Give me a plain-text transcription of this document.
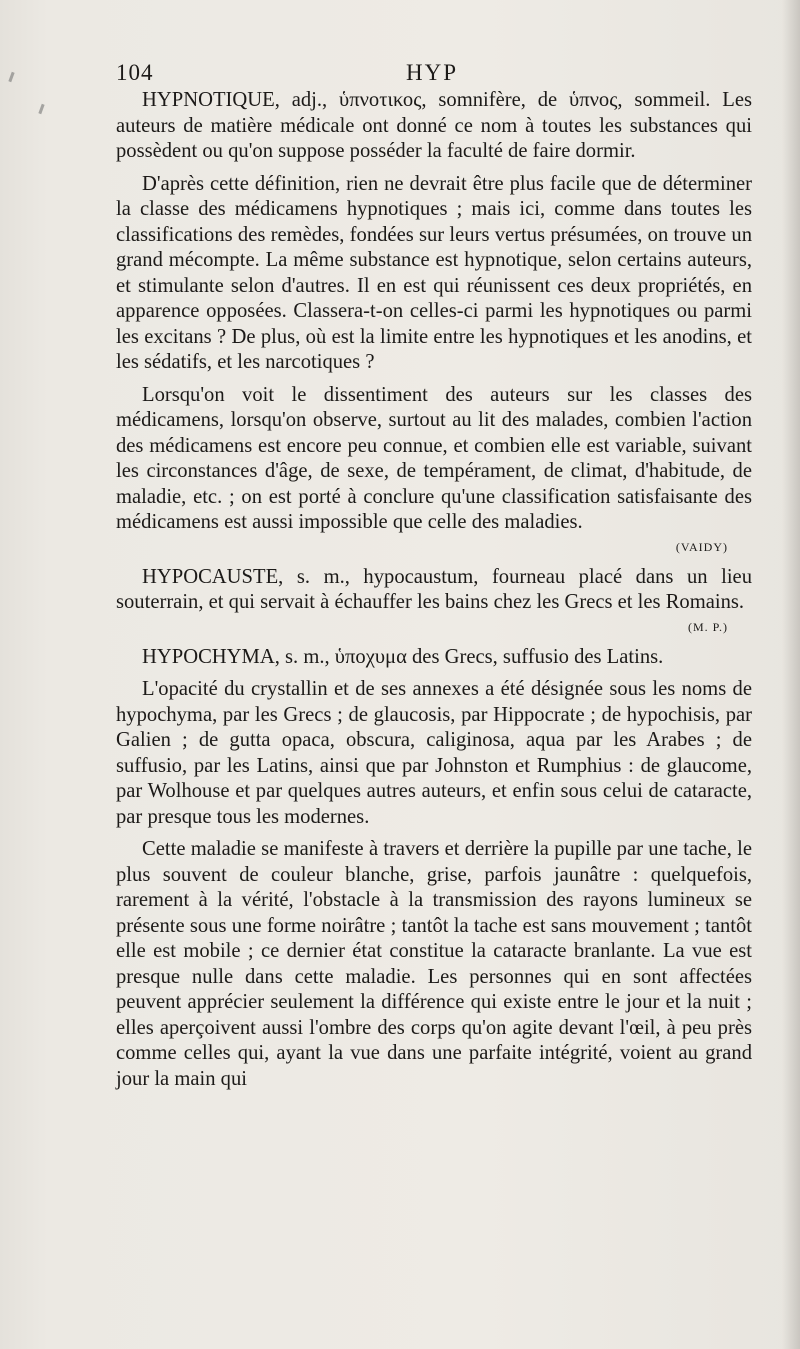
104	HYP

HYPNOTIQUE, adj., ὑπνοτικος, somnifère, de ὑπνος, sommeil. Les auteurs de matière médicale ont donné ce nom à toutes les substances qui possèdent ou qu'on suppose posséder la faculté de faire dormir.

D'après cette définition, rien ne devrait être plus facile que de déterminer la classe des médicamens hypnotiques ; mais ici, comme dans toutes les classifications des remèdes, fondées sur leurs vertus présumées, on trouve un grand mécompte. La même substance est hypnotique, selon certains auteurs, et stimulante selon d'autres. Il en est qui réunissent ces deux propriétés, en apparence opposées. Classera-t-on celles-ci parmi les hypnotiques ou parmi les excitans ? De plus, où est la limite entre les hypnotiques et les anodins, et les sédatifs, et les narcotiques ?

Lorsqu'on voit le dissentiment des auteurs sur les classes des médicamens, lorsqu'on observe, surtout au lit des malades, combien l'action des médicamens est encore peu connue, et combien elle est variable, suivant les circonstances d'âge, de sexe, de tempérament, de climat, d'habitude, de maladie, etc. ; on est porté à conclure qu'une classification satisfaisante des médicamens est aussi impossible que celle des maladies.

(VAIDY)

HYPOCAUSTE, s. m., hypocaustum, fourneau placé dans un lieu souterrain, et qui servait à échauffer les bains chez les Grecs et les Romains.

(M. P.)

HYPOCHYMA, s. m., ὑποχυμα des Grecs, suffusio des Latins.

L'opacité du crystallin et de ses annexes a été désignée sous les noms de hypochyma, par les Grecs ; de glaucosis, par Hippocrate ; de hypochisis, par Galien ; de gutta opaca, obscura, caliginosa, aqua par les Arabes ; de suffusio, par les Latins, ainsi que par Johnston et Rumphius : de glaucome, par Wolhouse et par quelques autres auteurs, et enfin sous celui de cataracte, par presque tous les modernes.

Cette maladie se manifeste à travers et derrière la pupille par une tache, le plus souvent de couleur blanche, grise, parfois jaunâtre : quelquefois, rarement à la vérité, l'obstacle à la transmission des rayons lumineux se présente sous une forme noirâtre ; tantôt la tache est sans mouvement ; tantôt elle est mobile ; ce dernier état constitue la cataracte branlante. La vue est presque nulle dans cette maladie. Les personnes qui en sont affectées peuvent apprécier seulement la différence qui existe entre le jour et la nuit ; elles aperçoivent aussi l'ombre des corps qu'on agite devant l'œil, à peu près comme celles qui, ayant la vue dans une parfaite intégrité, voient au grand jour la main qui
